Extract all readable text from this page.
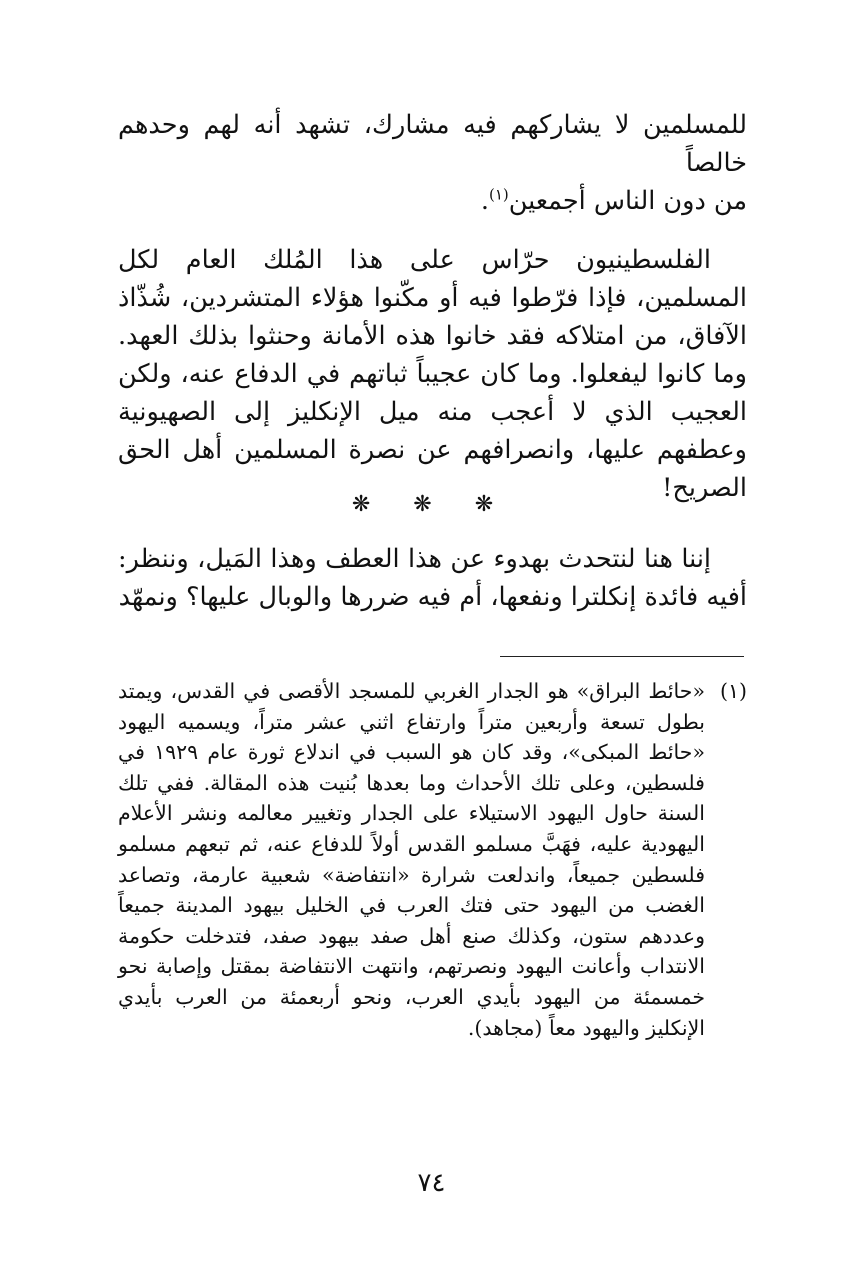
للمسلمين لا يشاركهم فيه مشارك، تشهد أنه لهم وحدهم خالصاً
من دون الناس أجمعين$^{(١)}$.

الفلسطينيون حرّاس على هذا المُلك العام لكل المسلمين، فإذا فرّطوا فيه أو مكّنوا هؤلاء المتشردين، شُذّاذ الآفاق، من امتلاكه فقد خانوا هذه الأمانة وحنثوا بذلك العهد. وما كانوا ليفعلوا. وما كان عجيباً ثباتهم في الدفاع عنه، ولكن العجيب الذي لا أعجب منه ميل الإنكليز إلى الصهيونية وعطفهم عليها، وانصرافهم عن نصرة المسلمين أهل الحق الصريح!

❋ ❋ ❋

إننا هنا لنتحدث بهدوء عن هذا العطف وهذا المَيل، وننظر: أفيه فائدة إنكلترا ونفعها، أم فيه ضررها والوبال عليها؟ ونمهّد

(١)
«حائط البراق» هو الجدار الغربي للمسجد الأقصى في القدس، ويمتد بطول تسعة وأربعين متراً وارتفاع اثني عشر متراً، ويسميه اليهود «حائط المبكى»، وقد كان هو السبب في اندلاع ثورة عام ١٩٢٩ في فلسطين، وعلى تلك الأحداث وما بعدها بُنيت هذه المقالة. ففي تلك السنة حاول اليهود الاستيلاء على الجدار وتغيير معالمه ونشر الأعلام اليهودية عليه، فهَبَّ مسلمو القدس أولاً للدفاع عنه، ثم تبعهم مسلمو فلسطين جميعاً، واندلعت شرارة «انتفاضة» شعبية عارمة، وتصاعد الغضب من اليهود حتى فتك العرب في الخليل بيهود المدينة جميعاً وعددهم ستون، وكذلك صنع أهل صفد بيهود صفد، فتدخلت حكومة الانتداب وأعانت اليهود ونصرتهم، وانتهت الانتفاضة بمقتل وإصابة نحو خمسمئة من اليهود بأيدي العرب، ونحو أربعمئة من العرب بأيدي الإنكليز واليهود معاً (مجاهد).
٧٤
